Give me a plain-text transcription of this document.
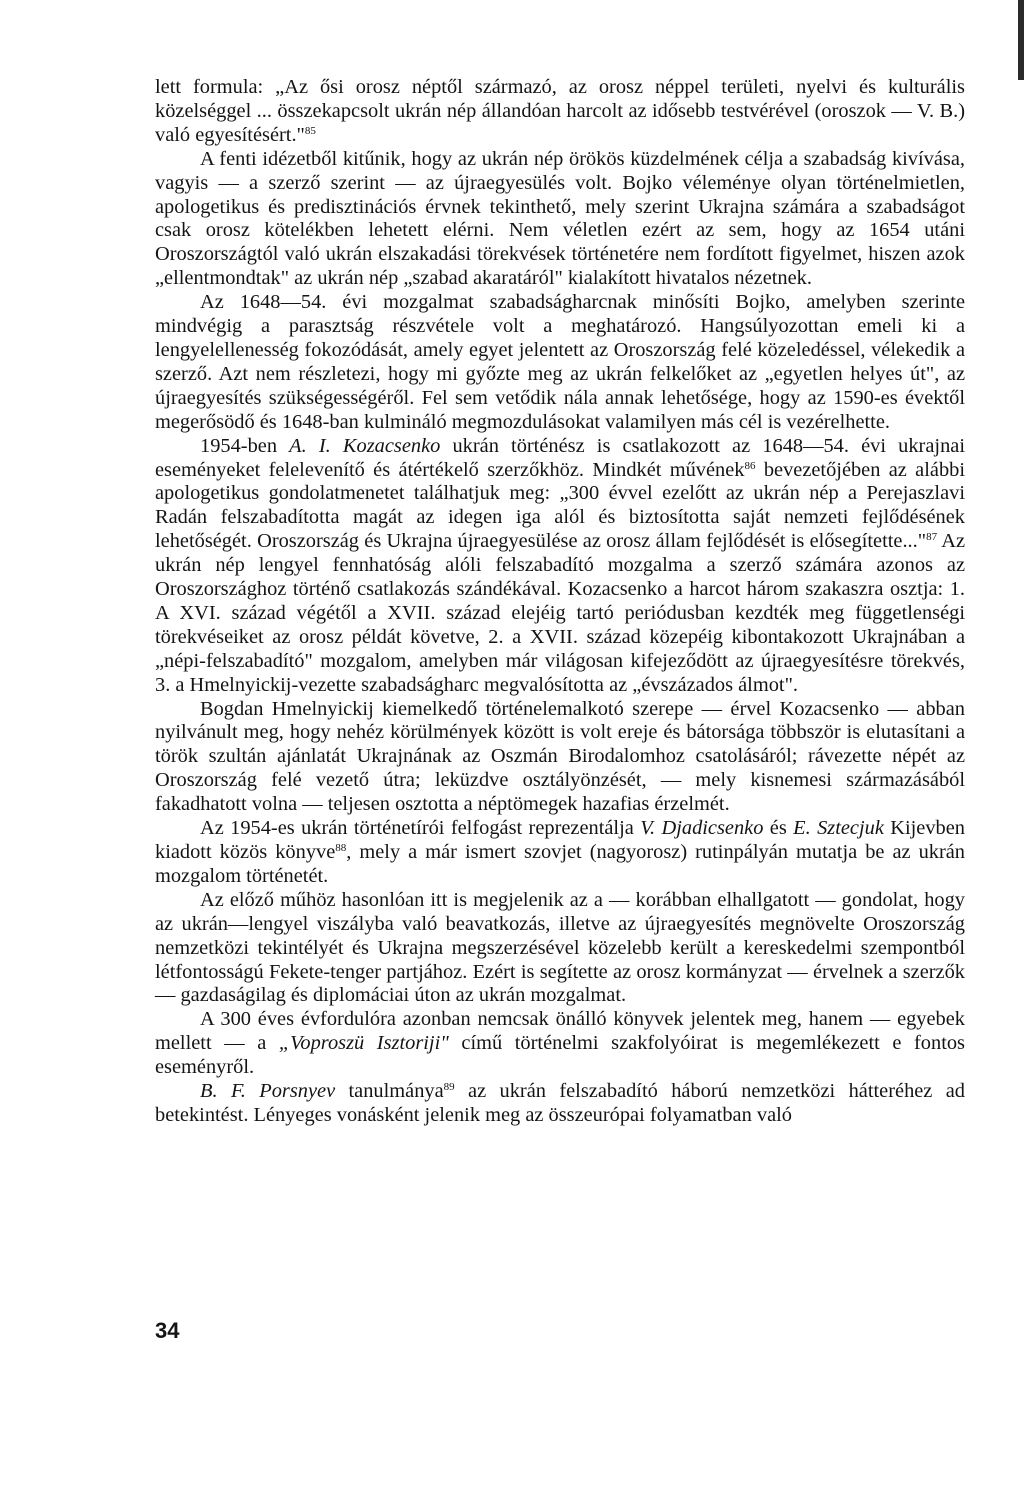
lett formula: „Az ősi orosz néptől származó, az orosz néppel területi, nyelvi és kulturális közelséggel ... összekapcsolt ukrán nép állandóan harcolt az idősebb testvérével (oroszok — V. B.) való egyesítésért."$^{85}$

A fenti idézetből kitűnik, hogy az ukrán nép örökös küzdelmének célja a szabadság kivívása, vagyis — a szerző szerint — az újraegyesülés volt. Bojko véleménye olyan történelmietlen, apologetikus és predisztinációs érvnek tekinthető, mely szerint Ukrajna számára a szabadságot csak orosz kötelékben lehetett elérni. Nem véletlen ezért az sem, hogy az 1654 utáni Oroszországtól való ukrán elszakadási törekvések történetére nem fordított figyelmet, hiszen azok „ellentmondtak" az ukrán nép „szabad akaratáról" kialakított hivatalos nézetnek.

Az 1648—54. évi mozgalmat szabadságharcnak minősíti Bojko, amelyben szerinte mindvégig a parasztság részvétele volt a meghatározó. Hangsúlyozottan emeli ki a lengyelellenesség fokozódását, amely egyet jelentett az Oroszország felé közeledéssel, vélekedik a szerző. Azt nem részletezi, hogy mi győzte meg az ukrán felkelőket az „egyetlen helyes út", az újraegyesítés szükségességéről. Fel sem vetődik nála annak lehetősége, hogy az 1590-es évektől megerősödő és 1648-ban kulmináló megmozdulásokat valamilyen más cél is vezérelhette.

1954-ben A. I. Kozacsenko ukrán történész is csatlakozott az 1648—54. évi ukrajnai eseményeket felelevenítő és átértékelő szerzőkhöz. Mindkét művének$^{86}$ bevezetőjében az alábbi apologetikus gondolatmenetet találhatjuk meg: „300 évvel ezelőtt az ukrán nép a Perejaszlavi Radán felszabadította magát az idegen iga alól és biztosította saját nemzeti fejlődésének lehetőségét. Oroszország és Ukrajna újraegyesülése az orosz állam fejlődését is elősegítette..."$^{87}$ Az ukrán nép lengyel fennhatóság alóli felszabadító mozgalma a szerző számára azonos az Oroszországhoz történő csatlakozás szándékával. Kozacsenko a harcot három szakaszra osztja: 1. A XVI. század végétől a XVII. század elejéig tartó periódusban kezdték meg függetlenségi törekvéseiket az orosz példát követve, 2. a XVII. század közepéig kibontakozott Ukrajnában a „népi-felszabadító" mozgalom, amelyben már világosan kifejeződött az újraegyesítésre törekvés, 3. a Hmelnyickij-vezette szabadságharc megvalósította az „évszázados álmot".

Bogdan Hmelnyickij kiemelkedő történelemalkotó szerepe — érvel Kozacsenko — abban nyilvánult meg, hogy nehéz körülmények között is volt ereje és bátorsága többször is elutasítani a török szultán ajánlatát Ukrajnának az Oszmán Birodalomhoz csatolásáról; rávezette népét az Oroszország felé vezető útra; leküzdve osztályönzését, — mely kisnemesi származásából fakadhatott volna — teljesen osztotta a néptömegek hazafias érzelmét.

Az 1954-es ukrán történetírói felfogást reprezentálja V. Djadicsenko és E. Sztecjuk Kijevben kiadott közös könyve$^{88}$, mely a már ismert szovjet (nagyorosz) rutinpályán mutatja be az ukrán mozgalom történetét.

Az előző műhöz hasonlóan itt is megjelenik az a — korábban elhallgatott — gondolat, hogy az ukrán—lengyel viszályba való beavatkozás, illetve az újraegyesítés megnövelte Oroszország nemzetközi tekintélyét és Ukrajna megszerzésével közelebb került a kereskedelmi szempontból létfontosságú Fekete-tenger partjához. Ezért is segítette az orosz kormányzat — érvelnek a szerzők — gazdaságilag és diplomáciai úton az ukrán mozgalmat.

A 300 éves évfordulóra azonban nemcsak önálló könyvek jelentek meg, hanem — egyebek mellett — a „Voproszü Isztoriji" című történelmi szakfolyóirat is megemlékezett e fontos eseményről.

B. F. Porsnyev tanulmánya$^{89}$ az ukrán felszabadító háború nemzetközi hátteréhez ad betekintést. Lényeges vonásként jelenik meg az összeurópai folyamatban való

34
